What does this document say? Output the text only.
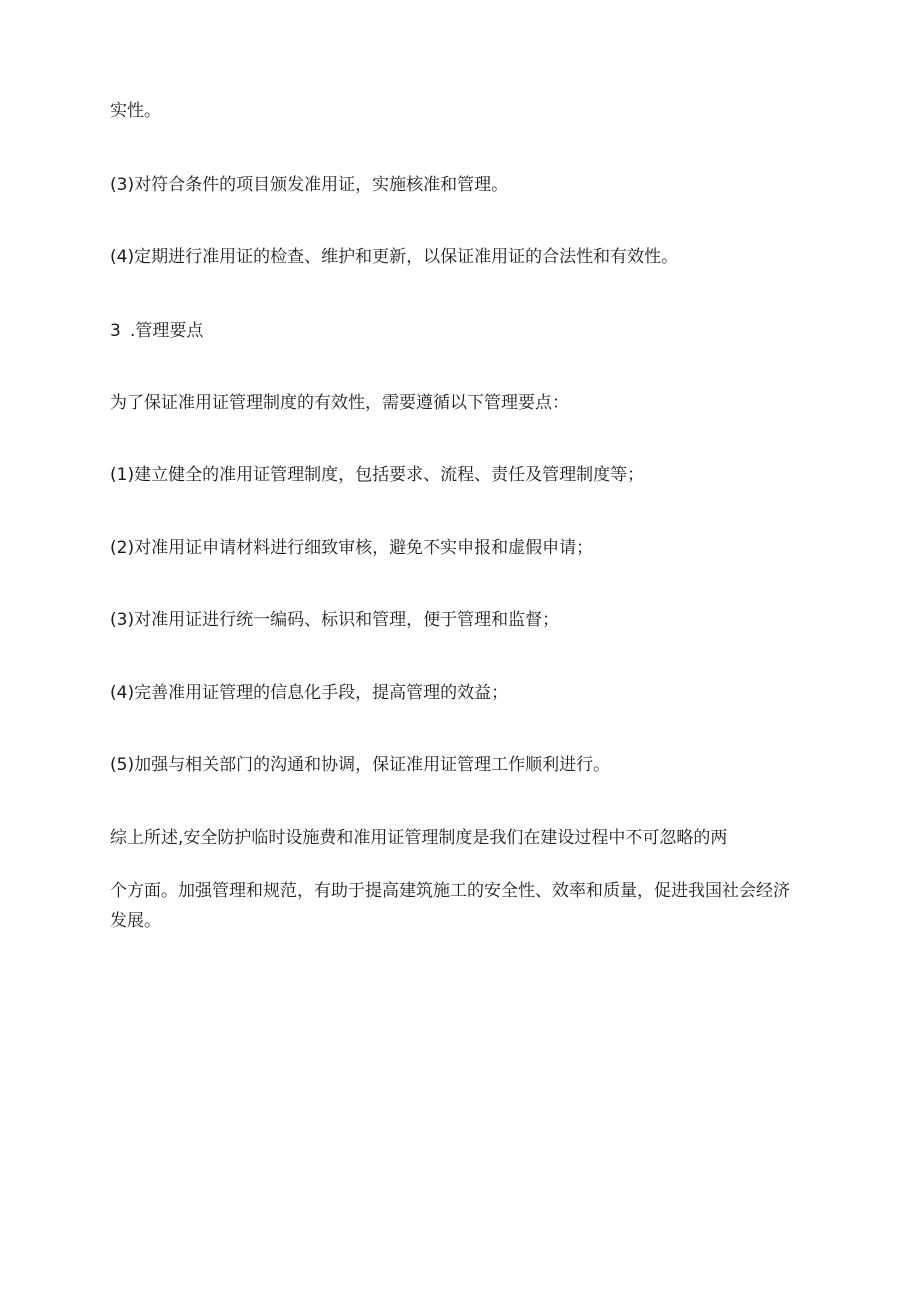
实性。
(3)对符合条件的项目颁发准用证，实施核准和管理。
(4)定期进行准用证的检查、维护和更新，以保证准用证的合法性和有效性。
3 .管理要点
为了保证准用证管理制度的有效性，需要遵循以下管理要点：
(1)建立健全的准用证管理制度，包括要求、流程、责任及管理制度等；
(2)对准用证申请材料进行细致审核，避免不实申报和虚假申请；
(3)对准用证进行统一编码、标识和管理，便于管理和监督；
(4)完善准用证管理的信息化手段，提高管理的效益；
(5)加强与相关部门的沟通和协调，保证准用证管理工作顺利进行。
综上所述,安全防护临时设施费和准用证管理制度是我们在建设过程中不可忽略的两
个方面。加强管理和规范，有助于提高建筑施工的安全性、效率和质量，促进我国社会经济
发展。
